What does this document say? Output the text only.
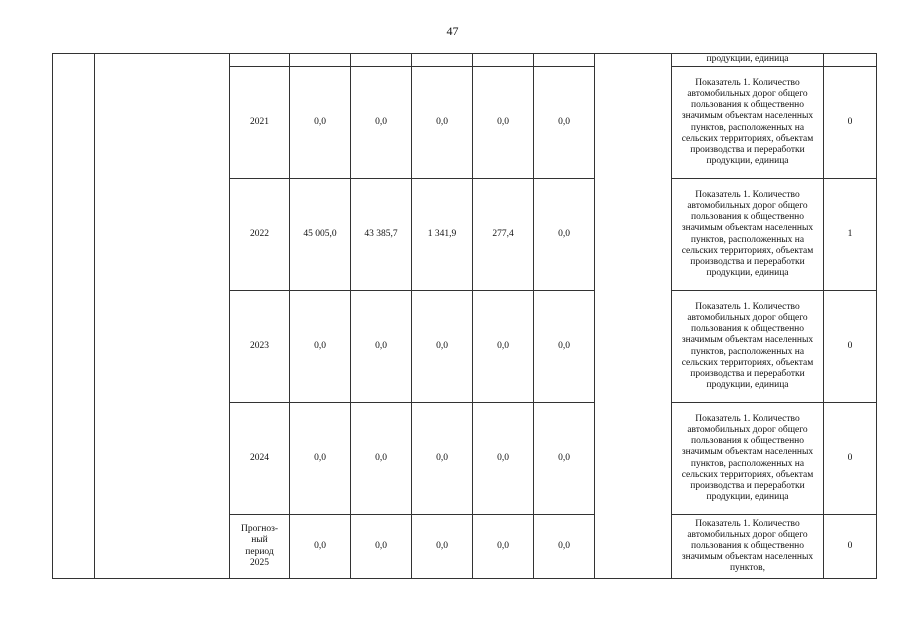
47
									продукции, единица	
		2021	0,0	0,0	0,0	0,0	0,0		Показатель 1. Количество автомобильных дорог общего пользования к общественно значимым объектам населенных пунктов, расположенных на сельских территориях, объектам производства и переработки продукции, единица	0
		2022	45 005,0	43 385,7	1 341,9	277,4	0,0		Показатель 1. Количество автомобильных дорог общего пользования к общественно значимым объектам населенных пунктов, расположенных на сельских территориях, объектам производства и переработки продукции, единица	1
		2023	0,0	0,0	0,0	0,0	0,0		Показатель 1. Количество автомобильных дорог общего пользования к общественно значимым объектам населенных пунктов, расположенных на сельских территориях, объектам производства и переработки продукции, единица	0
		2024	0,0	0,0	0,0	0,0	0,0		Показатель 1. Количество автомобильных дорог общего пользования к общественно значимым объектам населенных пунктов, расположенных на сельских территориях, объектам производства и переработки продукции, единица	0
		Прогноз-ный период 2025	0,0	0,0	0,0	0,0	0,0		Показатель 1. Количество автомобильных дорог общего пользования к общественно значимым объектам населенных пунктов,	0
